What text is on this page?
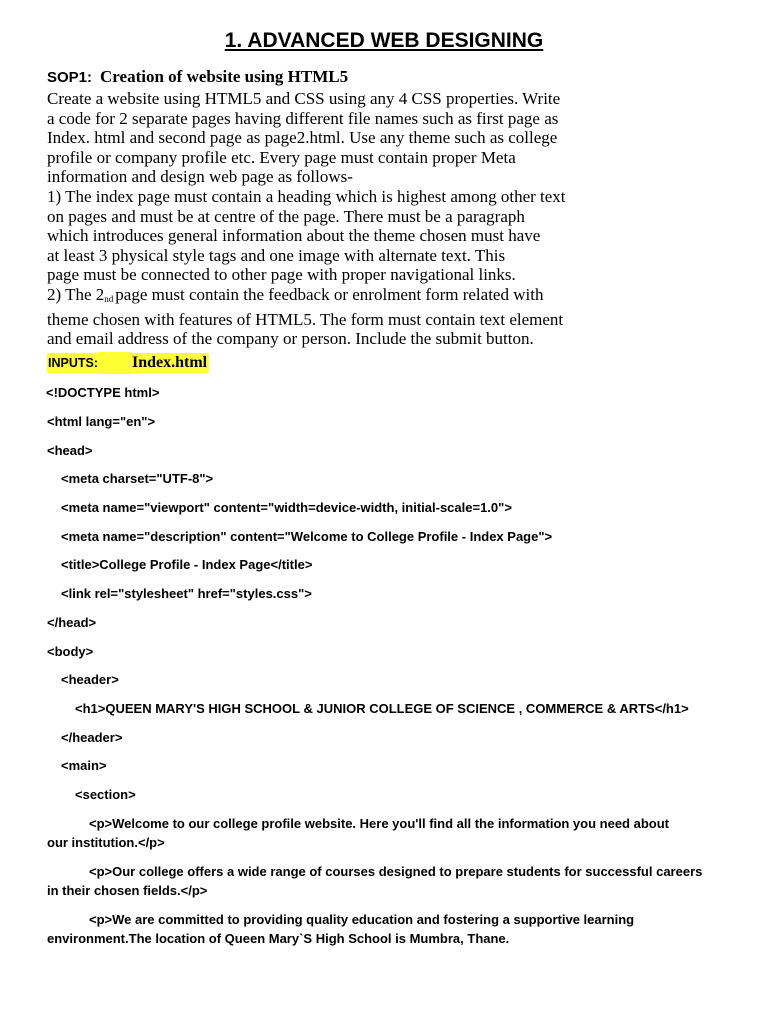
1. ADVANCED WEB DESIGNING
SOP1: Creation of website using HTML5
Create a website using HTML5 and CSS using any 4 CSS properties. Write
a code for 2 separate pages having different file names such as first page as
Index. html and second page as page2.html. Use any theme such as college
profile or company profile etc. Every page must contain proper Meta
information and design web page as follows-
1) The index page must contain a heading which is highest among other text
on pages and must be at centre of the page. There must be a paragraph
which introduces general information about the theme chosen must have
at least 3 physical style tags and one image with alternate text. This
page must be connected to other page with proper navigational links.
2) The $2_{nd}$ page must contain the feedback or enrolment form related with
theme chosen with features of HTML5. The form must contain text element
and email address of the company or person. Include the submit button.
INPUTS: Index.html
<!DOCTYPE html>
<html lang="en">
<head>
<meta charset="UTF-8">
<meta name="viewport" content="width=device-width, initial-scale=1.0">
<meta name="description" content="Welcome to College Profile - Index Page">
<title>College Profile - Index Page</title>
<link rel="stylesheet" href="styles.css">
</head>
<body>
<header>
<h1>QUEEN MARY'S HIGH SCHOOL & JUNIOR COLLEGE OF SCIENCE , COMMERCE & ARTS</h1>
</header>
<main>
<section>
<p>Welcome to our college profile website. Here you'll find all the information you need about
our institution.</p>
<p>Our college offers a wide range of courses designed to prepare students for successful careers
in their chosen fields.</p>
<p>We are committed to providing quality education and fostering a supportive learning
environment.The location of Queen Mary`S High School is Mumbra, Thane.
